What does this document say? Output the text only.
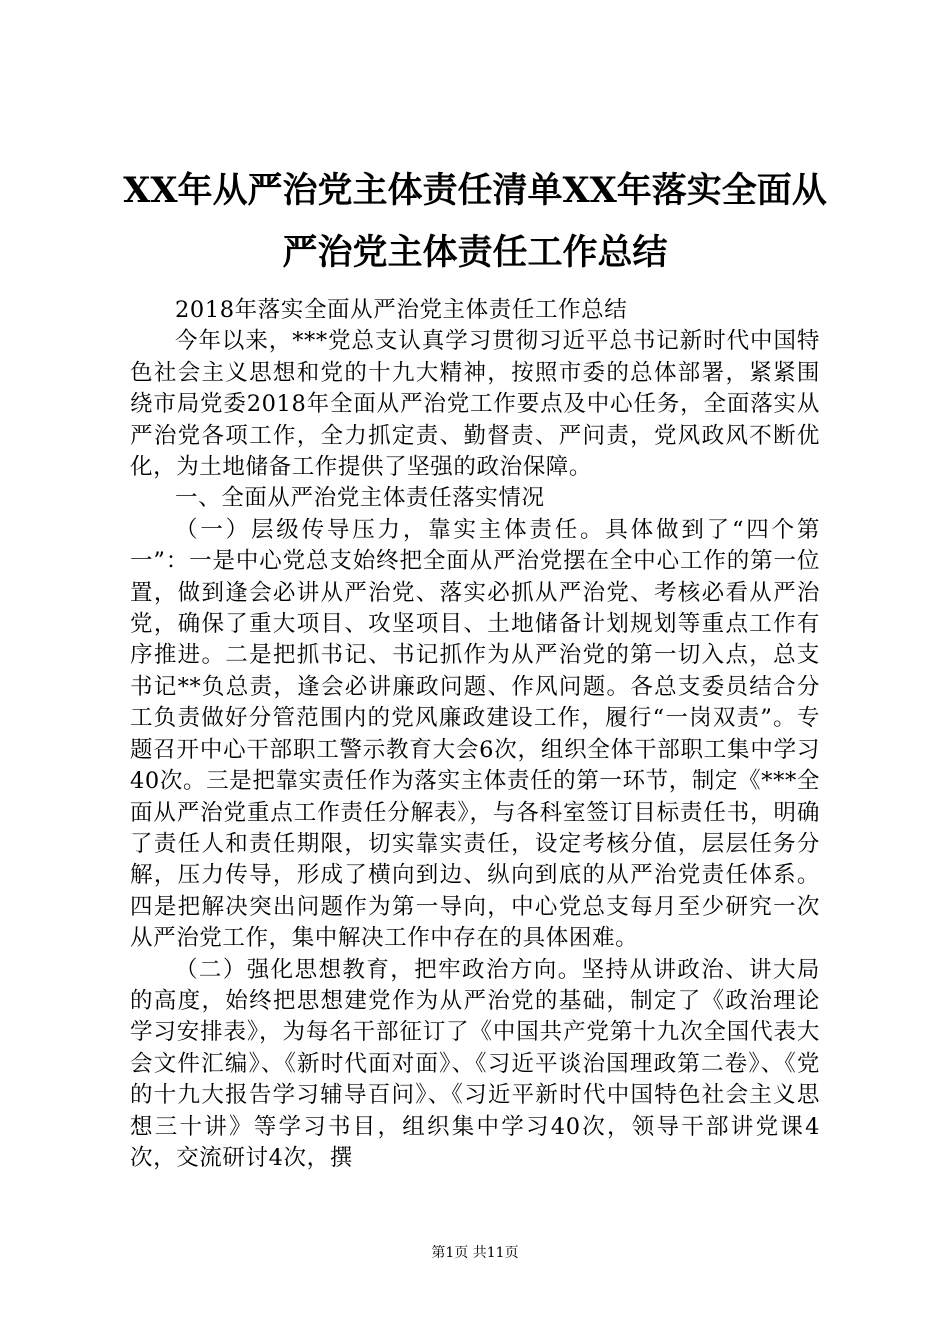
XX年从严治党主体责任清单XX年落实全面从严治党主体责任工作总结

2018年落实全面从严治党主体责任工作总结

今年以来，***党总支认真学习贯彻习近平总书记新时代中国特色社会主义思想和党的十九大精神，按照市委的总体部署，紧紧围绕市局党委2018年全面从严治党工作要点及中心任务，全面落实从严治党各项工作，全力抓定责、勤督责、严问责，党风政风不断优化，为土地储备工作提供了坚强的政治保障。

一、全面从严治党主体责任落实情况

（一）层级传导压力，靠实主体责任。具体做到了“四个第一”：一是中心党总支始终把全面从严治党摆在全中心工作的第一位置，做到逢会必讲从严治党、落实必抓从严治党、考核必看从严治党，确保了重大项目、攻坚项目、土地储备计划规划等重点工作有序推进。二是把抓书记、书记抓作为从严治党的第一切入点，总支书记**负总责，逢会必讲廉政问题、作风问题。各总支委员结合分工负责做好分管范围内的党风廉政建设工作，履行“一岗双责”。专题召开中心干部职工警示教育大会6次，组织全体干部职工集中学习40次。三是把靠实责任作为落实主体责任的第一环节，制定《***全面从严治党重点工作责任分解表》，与各科室签订目标责任书，明确了责任人和责任期限，切实靠实责任，设定考核分值，层层任务分解，压力传导，形成了横向到边、纵向到底的从严治党责任体系。四是把解决突出问题作为第一导向，中心党总支每月至少研究一次从严治党工作，集中解决工作中存在的具体困难。

（二）强化思想教育，把牢政治方向。坚持从讲政治、讲大局的高度，始终把思想建党作为从严治党的基础，制定了《政治理论学习安排表》，为每名干部征订了《中国共产党第十九次全国代表大会文件汇编》、《新时代面对面》、《习近平谈治国理政第二卷》、《党的十九大报告学习辅导百问》、《习近平新时代中国特色社会主义思想三十讲》等学习书目，组织集中学习40次，领导干部讲党课4次，交流研讨4次，撰

第1页 共11页
